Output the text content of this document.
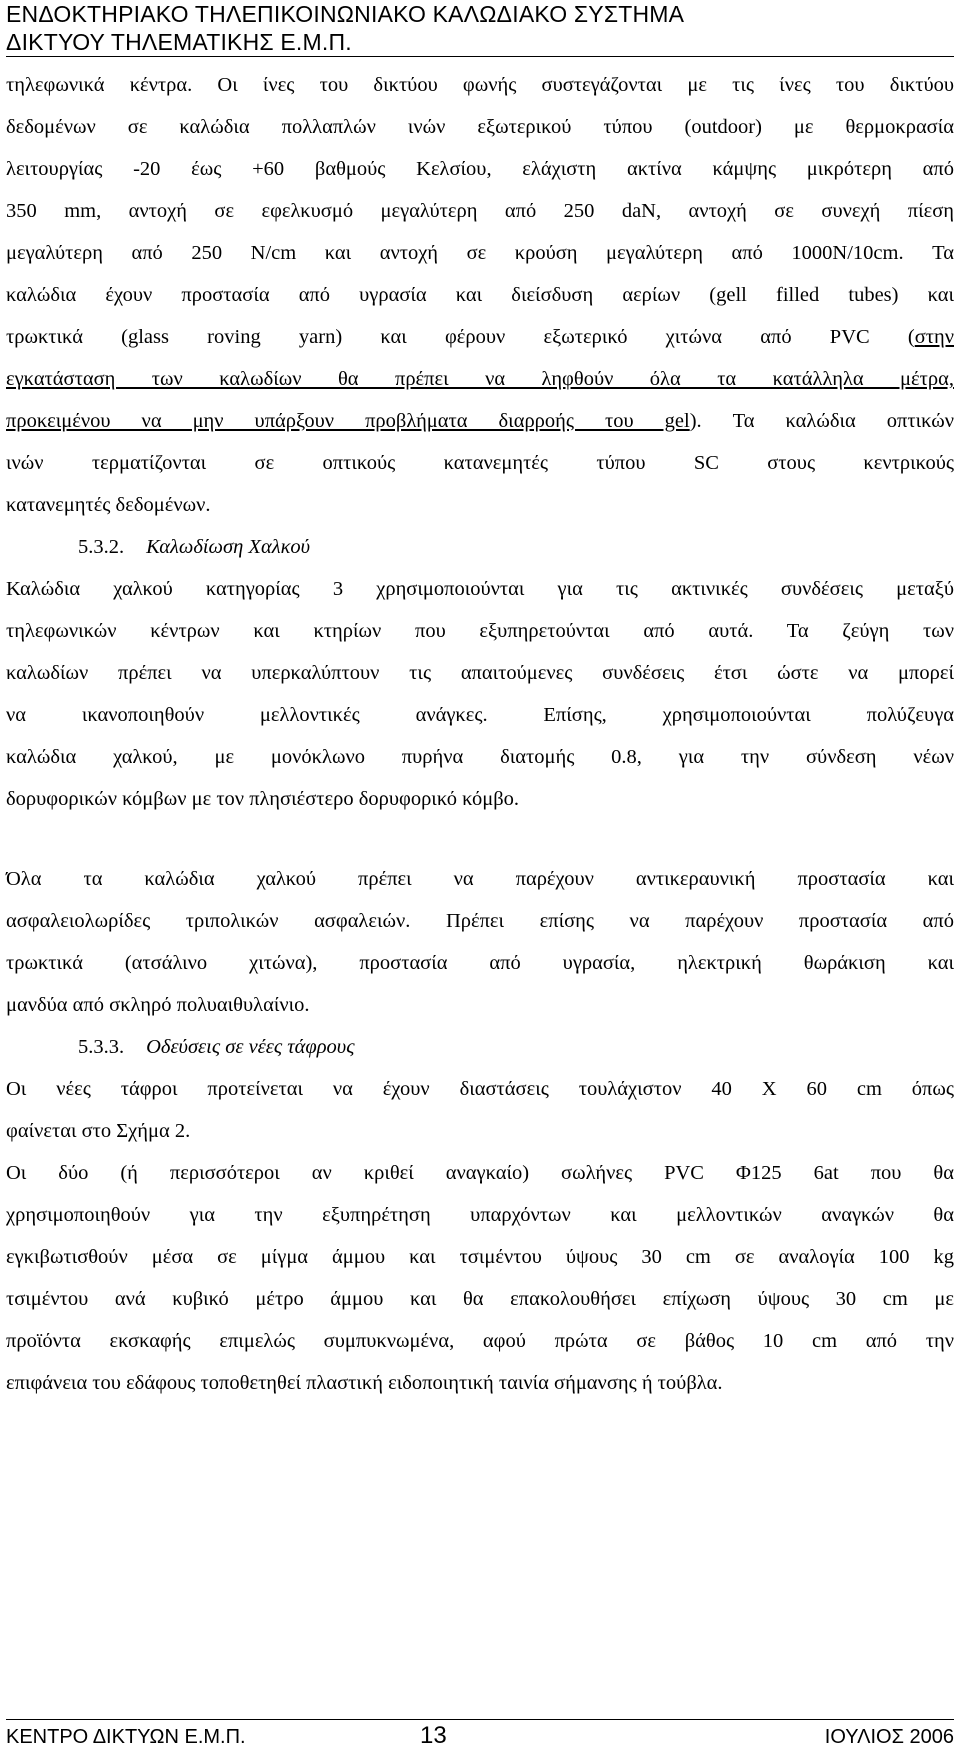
ΕΝΔΟΚΤΗΡΙΑΚΟ ΤΗΛΕΠΙΚΟΙΝΩΝΙΑΚΟ ΚΑΛΩΔΙΑΚΟ ΣΥΣΤΗΜΑ
ΔΙΚΤΥΟΥ ΤΗΛΕΜΑΤΙΚΗΣ Ε.Μ.Π.
τηλεφωνικά κέντρα. Οι ίνες του δικτύου φωνής συστεγάζονται με τις ίνες του δικτύου
δεδομένων σε καλώδια πολλαπλών ινών εξωτερικού τύπου (outdoor) με θερμοκρασία
λειτουργίας -20 έως +60 βαθμούς Κελσίου, ελάχιστη ακτίνα κάμψης μικρότερη από
350 mm, αντοχή σε εφελκυσμό μεγαλύτερη από 250 daN, αντοχή σε συνεχή πίεση
μεγαλύτερη από 250 N/cm και αντοχή σε κρούση μεγαλύτερη από 1000N/10cm. Τα
καλώδια έχουν προστασία από υγρασία και διείσδυση αερίων (gell filled tubes) και
τρωκτικά (glass roving yarn) και φέρουν εξωτερικό χιτώνα από PVC (στην
εγκατάσταση των καλωδίων θα πρέπει να ληφθούν όλα τα κατάλληλα μέτρα,
προκειμένου να μην υπάρξουν προβλήματα διαρροής του gel). Τα καλώδια οπτικών
ινών τερματίζονται σε οπτικούς κατανεμητές τύπου SC στους κεντρικούς
κατανεμητές δεδομένων.
5.3.2. Καλωδίωση Χαλκού
Καλώδια χαλκού κατηγορίας 3 χρησιμοποιούνται για τις ακτινικές συνδέσεις μεταξύ
τηλεφωνικών κέντρων και κτηρίων που εξυπηρετούνται από αυτά. Τα ζεύγη των
καλωδίων πρέπει να υπερκαλύπτουν τις απαιτούμενες συνδέσεις έτσι ώστε να μπορεί
να ικανοποιηθούν μελλοντικές ανάγκες. Επίσης, χρησιμοποιούνται πολύζευγα
καλώδια χαλκού, με μονόκλωνο πυρήνα διατομής 0.8, για την σύνδεση νέων
δορυφορικών κόμβων με τον πλησιέστερο δορυφορικό κόμβο.
Όλα τα καλώδια χαλκού πρέπει να παρέχουν αντικεραυνική προστασία και
ασφαλειολωρίδες τριπολικών ασφαλειών. Πρέπει επίσης να παρέχουν προστασία από
τρωκτικά (ατσάλινο χιτώνα), προστασία από υγρασία, ηλεκτρική θωράκιση και
μανδύα από σκληρό πολυαιθυλαίνιο.
5.3.3. Οδεύσεις σε νέες τάφρους
Οι νέες τάφροι προτείνεται να έχουν διαστάσεις τουλάχιστον 40 X 60 cm όπως
φαίνεται στο Σχήμα 2.
Οι δύο (ή περισσότεροι αν κριθεί αναγκαίο) σωλήνες PVC Φ125 6at που θα
χρησιμοποιηθούν για την εξυπηρέτηση υπαρχόντων και μελλοντικών αναγκών θα
εγκιβωτισθούν μέσα σε μίγμα άμμου και τσιμέντου ύψους 30 cm σε αναλογία 100 kg
τσιμέντου ανά κυβικό μέτρο άμμου και θα επακολουθήσει επίχωση ύψους 30 cm με
προϊόντα εκσκαφής επιμελώς συμπυκνωμένα, αφού πρώτα σε βάθος 10 cm από την
επιφάνεια του εδάφους τοποθετηθεί πλαστική ειδοποιητική ταινία σήμανσης ή τούβλα.
ΚΕΝΤΡΟ ΔΙΚΤΥΩΝ Ε.Μ.Π.	13	ΙΟΥΛΙΟΣ 2006
